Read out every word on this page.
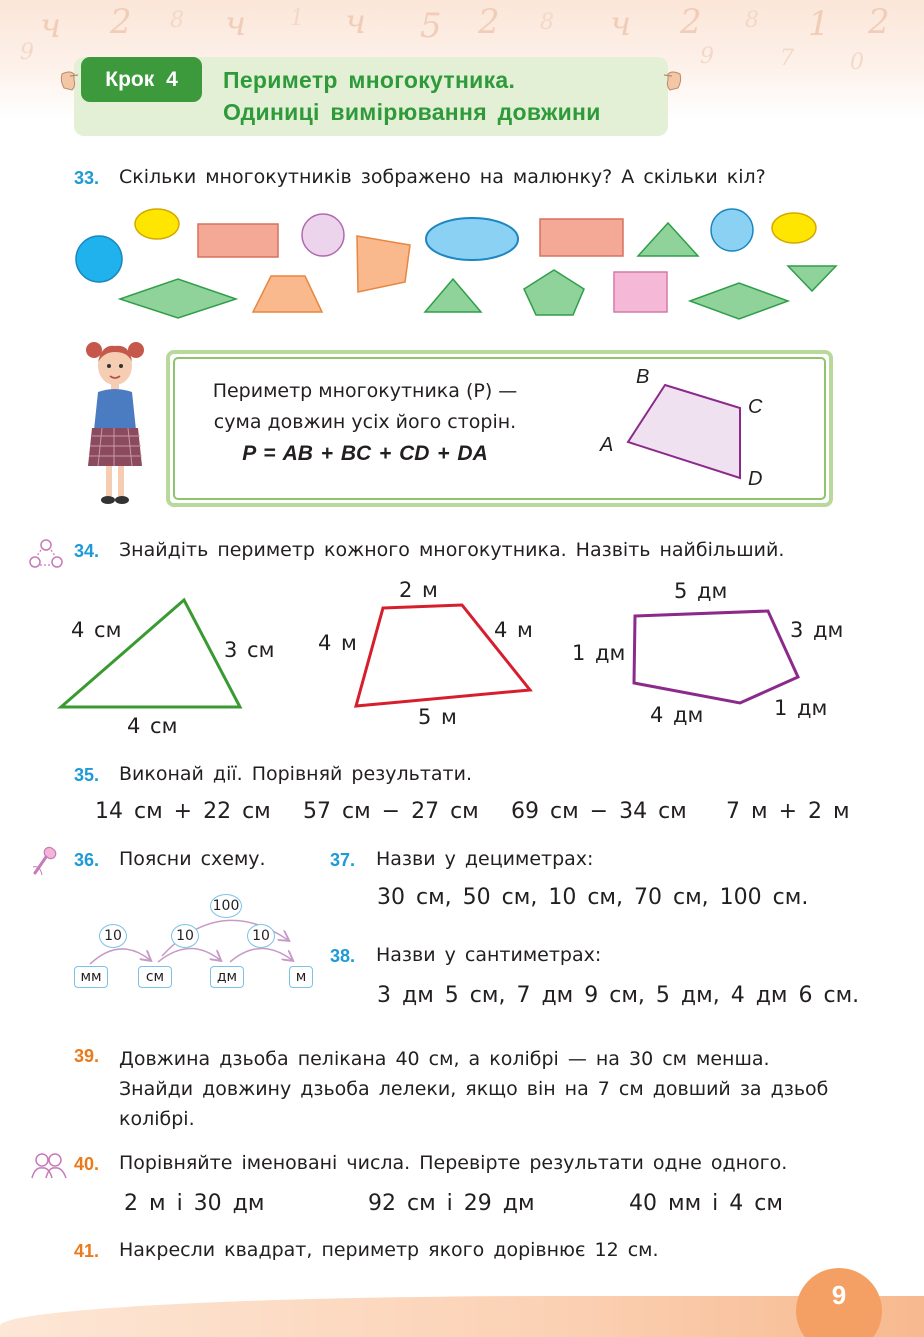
ч 2 8 ч 1 ч 5 2 8 ч 2 8 1 2
9	9	7	0
Крок 4	Периметр многокутника.
Одиниці вимірювання довжини
33. Скільки многокутників зображено на малюнку? А скільки кіл?
Периметр многокутника (P) —
сума довжин усіх його сторін.
P = AB + BC + CD + DA
B
C
A
D
34. Знайдіть периметр кожного многокутника. Назвіть найбільший.
4 см
3 см
4 см
2 м
4 м
4 м
5 м
5 дм
1 дм
3 дм
4 дм	1 дм
35. Виконай дії. Порівняй результати.
14 см + 22 см 57 см − 27 см 69 см − 34 см 7 м + 2 м
36. Поясни схему.
100
10	10	10
мм	см	дм	м
37. Назви у дециметрах:
30 см, 50 см, 10 см, 70 см, 100 см.
38. Назви у сантиметрах:
3 дм 5 см, 7 дм 9 см, 5 дм, 4 дм 6 см.
39. Довжина дзьоба пелікана 40 см, а колібрі — на 30 см менша.
Знайди довжину дзьоба лелеки, якщо він на 7 см довший за дзьоб
колібрі.
40. Порівняйте іменовані числа. Перевірте результати одне одного.
2 м і 30 дм	92 см і 29 дм	40 мм і 4 см
41. Накресли квадрат, периметр якого дорівнює 12 см.
9
